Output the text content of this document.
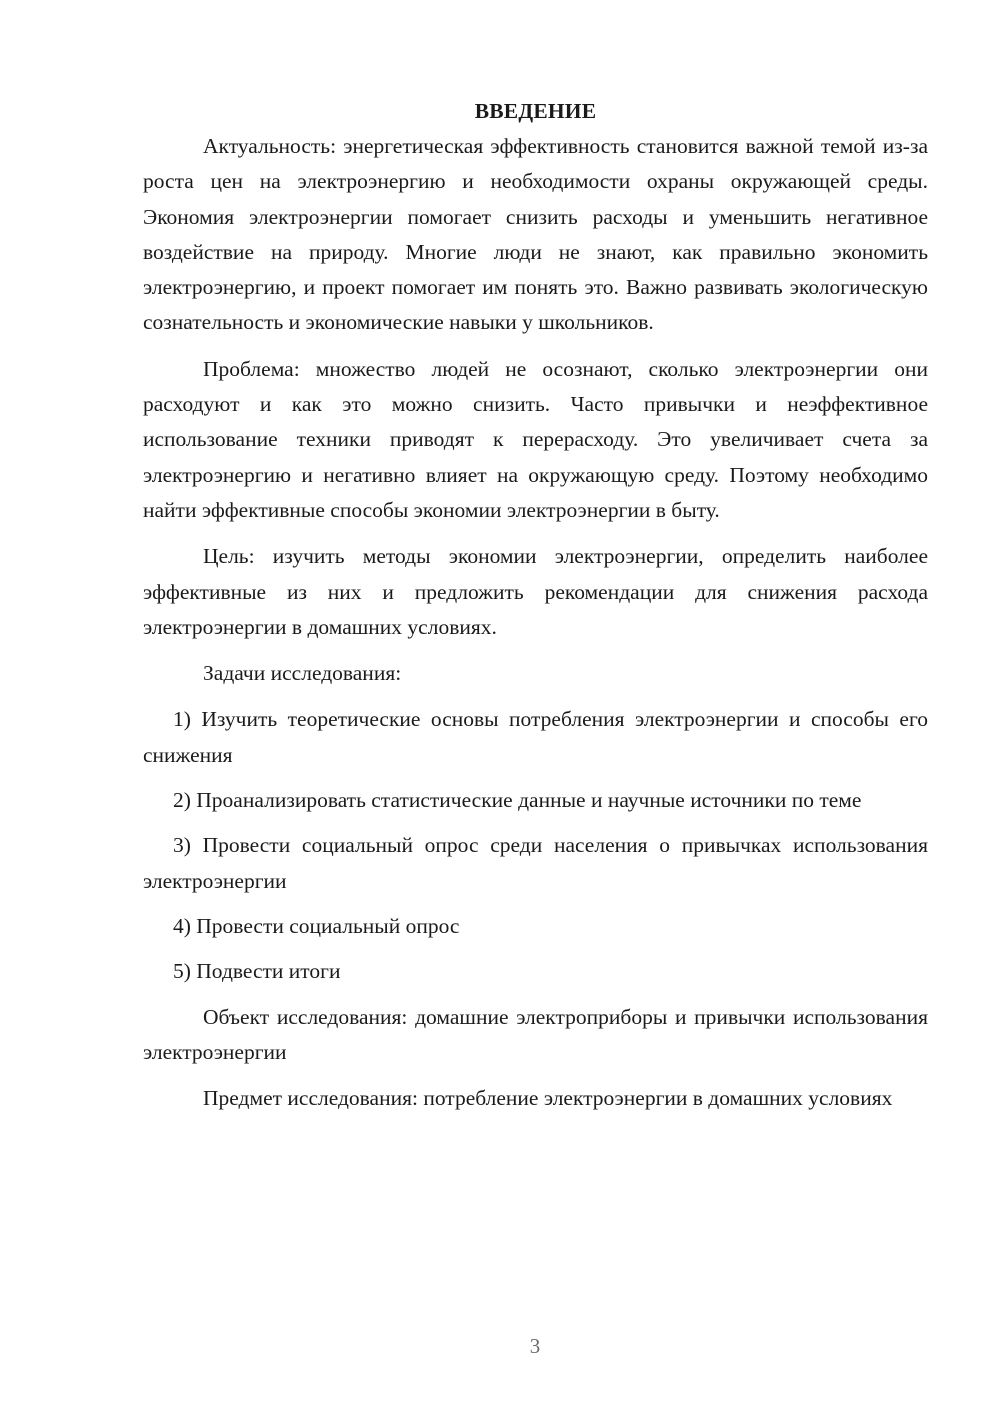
ВВЕДЕНИЕ

Актуальность: энергетическая эффективность становится важной темой из-за роста цен на электроэнергию и необходимости охраны окружающей среды. Экономия электроэнергии помогает снизить расходы и уменьшить негативное воздействие на природу. Многие люди не знают, как правильно экономить электроэнергию, и проект помогает им понять это. Важно развивать экологическую сознательность и экономические навыки у школьников.

Проблема: множество людей не осознают, сколько электроэнергии они расходуют и как это можно снизить. Часто привычки и неэффективное использование техники приводят к перерасходу. Это увеличивает счета за электроэнергию и негативно влияет на окружающую среду. Поэтому необходимо найти эффективные способы экономии электроэнергии в быту.

Цель: изучить методы экономии электроэнергии, определить наиболее эффективные из них и предложить рекомендации для снижения расхода электроэнергии в домашних условиях.

Задачи исследования:

1) Изучить теоретические основы потребления электроэнергии и способы его снижения

2) Проанализировать статистические данные и научные источники по теме

3) Провести социальный опрос среди населения о привычках использования электроэнергии

4) Провести социальный опрос

5) Подвести итоги

Объект исследования: домашние электроприборы и привычки использования электроэнергии

Предмет исследования: потребление электроэнергии в домашних условиях

3
